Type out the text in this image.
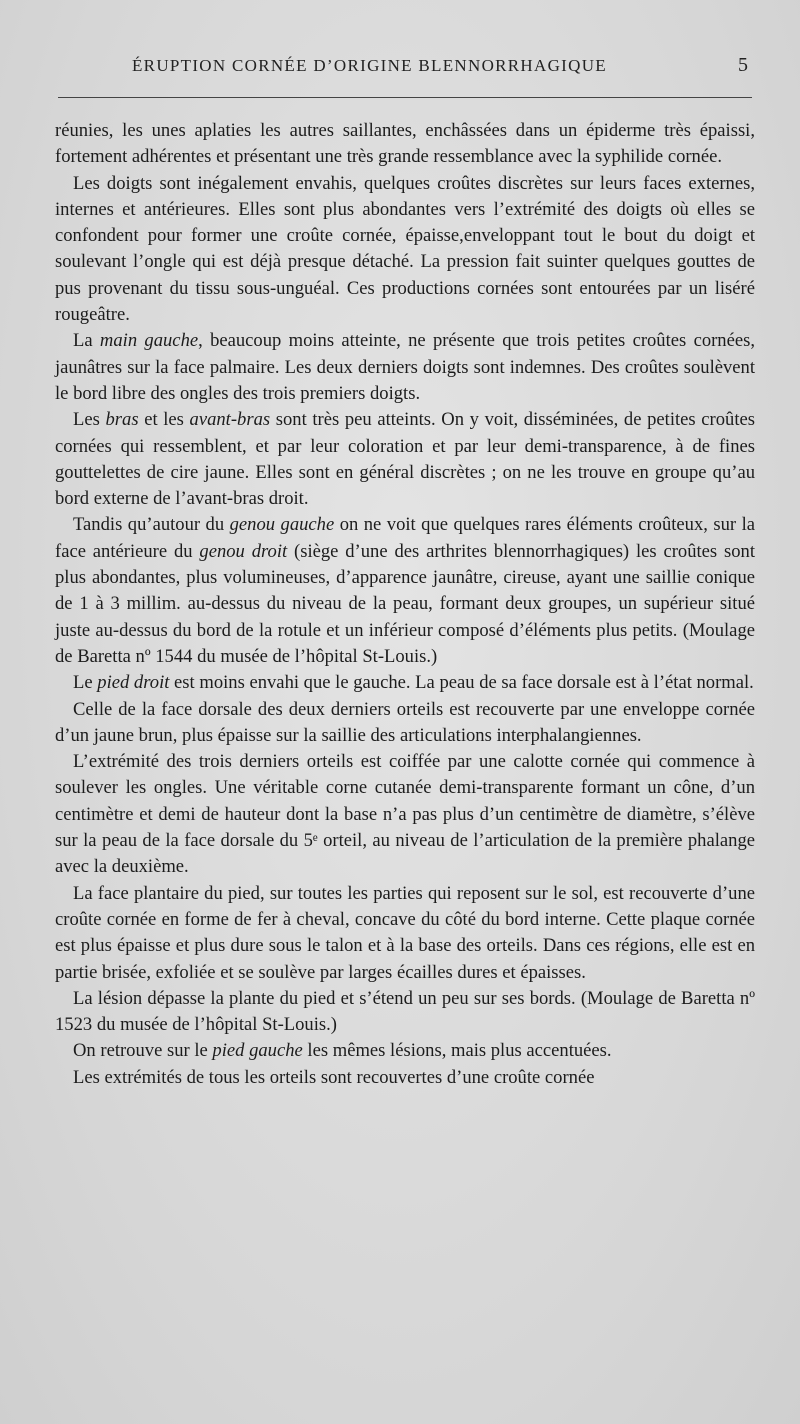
ÉRUPTION CORNÉE D’ORIGINE BLENNORRHAGIQUE	5

réunies, les unes aplaties les autres saillantes, enchâssées dans un épiderme très épaissi, fortement adhérentes et présentant une très grande ressemblance avec la syphilide cornée.

Les doigts sont inégalement envahis, quelques croûtes discrètes sur leurs faces externes, internes et antérieures. Elles sont plus abondantes vers l’extrémité des doigts où elles se confondent pour former une croûte cornée, épaisse,enveloppant tout le bout du doigt et soulevant l’ongle qui est déjà presque détaché. La pression fait suinter quelques gouttes de pus provenant du tissu sous-unguéal. Ces productions cornées sont entourées par un liséré rougeâtre.

La main gauche, beaucoup moins atteinte, ne présente que trois petites croûtes cornées, jaunâtres sur la face palmaire. Les deux derniers doigts sont indemnes. Des croûtes soulèvent le bord libre des ongles des trois premiers doigts.

Les bras et les avant-bras sont très peu atteints. On y voit, disséminées, de petites croûtes cornées qui ressemblent, et par leur coloration et par leur demi-transparence, à de fines gouttelettes de cire jaune. Elles sont en général discrètes ; on ne les trouve en groupe qu’au bord externe de l’avant-bras droit.

Tandis qu’autour du genou gauche on ne voit que quelques rares éléments croûteux, sur la face antérieure du genou droit (siège d’une des arthrites blennorrhagiques) les croûtes sont plus abondantes, plus volumineuses, d’apparence jaunâtre, cireuse, ayant une saillie conique de 1 à 3 millim. au-dessus du niveau de la peau, formant deux groupes, un supérieur situé juste au-dessus du bord de la rotule et un inférieur composé d’éléments plus petits. (Moulage de Baretta nº 1544 du musée de l’hôpital St-Louis.)

Le pied droit est moins envahi que le gauche. La peau de sa face dorsale est à l’état normal.

Celle de la face dorsale des deux derniers orteils est recouverte par une enveloppe cornée d’un jaune brun, plus épaisse sur la saillie des articulations interphalangiennes.

L’extrémité des trois derniers orteils est coiffée par une calotte cornée qui commence à soulever les ongles. Une véritable corne cutanée demi-transparente formant un cône, d’un centimètre et demi de hauteur dont la base n’a pas plus d’un centimètre de diamètre, s’élève sur la peau de la face dorsale du 5ᵉ orteil, au niveau de l’articulation de la première phalange avec la deuxième.

La face plantaire du pied, sur toutes les parties qui reposent sur le sol, est recouverte d’une croûte cornée en forme de fer à cheval, concave du côté du bord interne. Cette plaque cornée est plus épaisse et plus dure sous le talon et à la base des orteils. Dans ces régions, elle est en partie brisée, exfoliée et se soulève par larges écailles dures et épaisses.

La lésion dépasse la plante du pied et s’étend un peu sur ses bords. (Moulage de Baretta nº 1523 du musée de l’hôpital St-Louis.)

On retrouve sur le pied gauche les mêmes lésions, mais plus accentuées.

Les extrémités de tous les orteils sont recouvertes d’une croûte cornée
